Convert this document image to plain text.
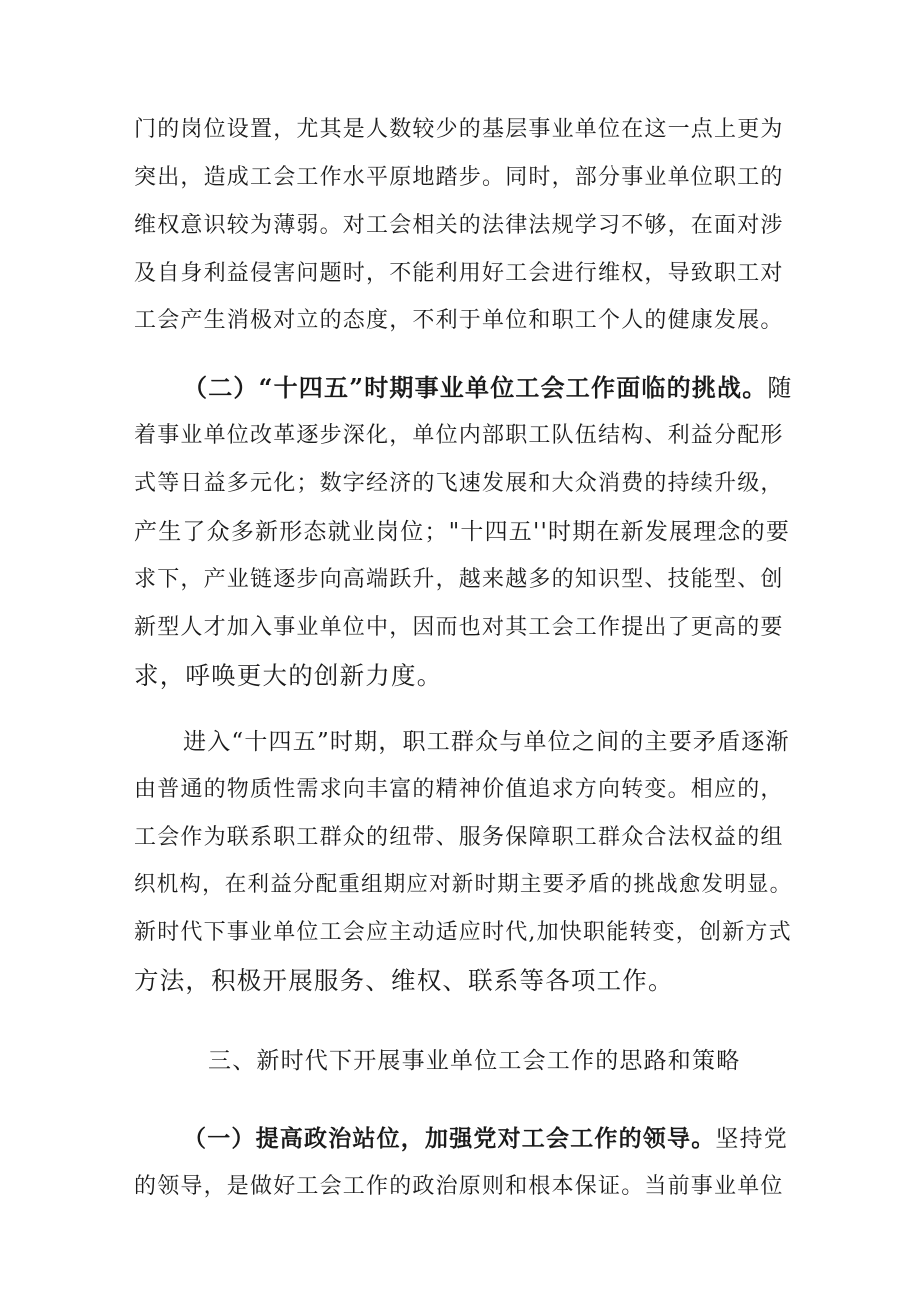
门的岗位设置，尤其是人数较少的基层事业单位在这一点上更为
突出，造成工会工作水平原地踏步。同时，部分事业单位职工的
维权意识较为薄弱。对工会相关的法律法规学习不够，在面对涉
及自身利益侵害问题时，不能利用好工会进行维权，导致职工对
工会产生消极对立的态度，不利于单位和职工个人的健康发展。
（二）“十四五”时期事业单位工会工作面临的挑战。随
着事业单位改革逐步深化，单位内部职工队伍结构、利益分配形
式等日益多元化；数字经济的飞速发展和大众消费的持续升级，
产生了众多新形态就业岗位；"十四五''时期在新发展理念的要
求下，产业链逐步向高端跃升，越来越多的知识型、技能型、创
新型人才加入事业单位中，因而也对其工会工作提出了更高的要
求，呼唤更大的创新力度。
进入“十四五”时期，职工群众与单位之间的主要矛盾逐渐
由普通的物质性需求向丰富的精神价值追求方向转变。相应的，
工会作为联系职工群众的纽带、服务保障职工群众合法权益的组
织机构，在利益分配重组期应对新时期主要矛盾的挑战愈发明显。
新时代下事业单位工会应主动适应时代,加快职能转变，创新方式
方法，积极开展服务、维权、联系等各项工作。
三、新时代下开展事业单位工会工作的思路和策略
（一）提高政治站位，加强党对工会工作的领导。坚持党
的领导，是做好工会工作的政治原则和根本保证。当前事业单位
